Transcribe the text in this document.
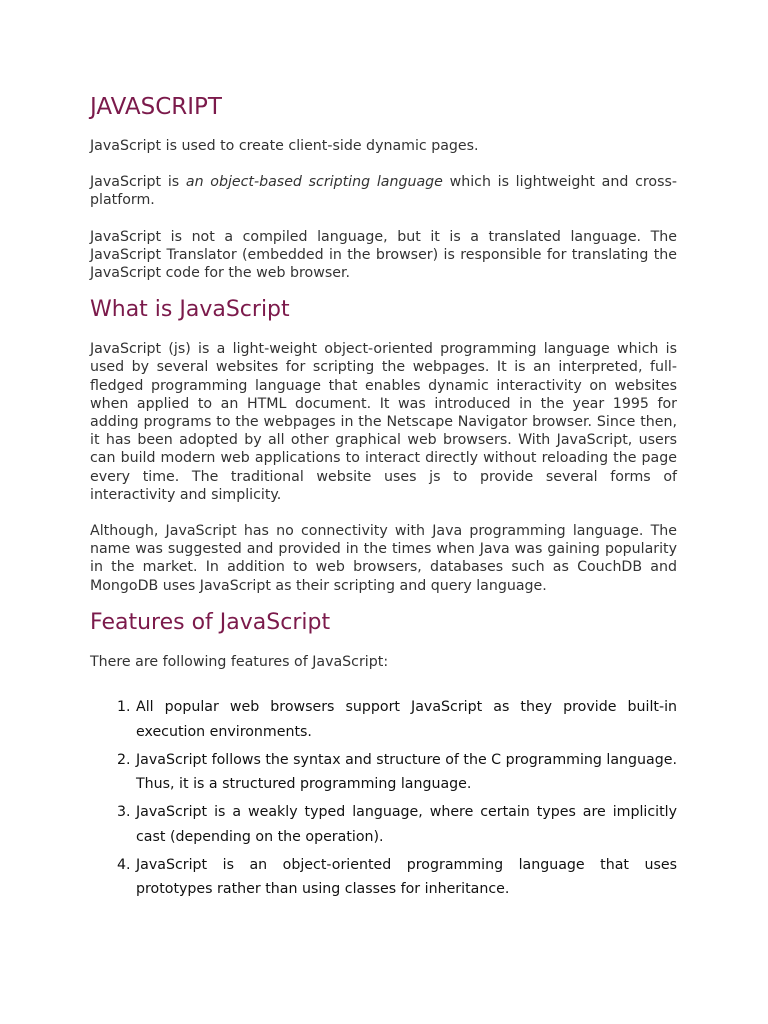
JAVASCRIPT

JavaScript is used to create client-side dynamic pages.

JavaScript is an object-based scripting language which is lightweight and cross-platform.

JavaScript is not a compiled language, but it is a translated language. The JavaScript Translator (embedded in the browser) is responsible for translating the JavaScript code for the web browser.

What is JavaScript

JavaScript (js) is a light-weight object-oriented programming language which is used by several websites for scripting the webpages. It is an interpreted, full-fledged programming language that enables dynamic interactivity on websites when applied to an HTML document. It was introduced in the year 1995 for adding programs to the webpages in the Netscape Navigator browser. Since then, it has been adopted by all other graphical web browsers. With JavaScript, users can build modern web applications to interact directly without reloading the page every time. The traditional website uses js to provide several forms of interactivity and simplicity.

Although, JavaScript has no connectivity with Java programming language. The name was suggested and provided in the times when Java was gaining popularity in the market. In addition to web browsers, databases such as CouchDB and MongoDB uses JavaScript as their scripting and query language.

Features of JavaScript

There are following features of JavaScript:

1. All popular web browsers support JavaScript as they provide built-in execution environments.
2. JavaScript follows the syntax and structure of the C programming language. Thus, it is a structured programming language.
3. JavaScript is a weakly typed language, where certain types are implicitly cast (depending on the operation).
4. JavaScript is an object-oriented programming language that uses prototypes rather than using classes for inheritance.
